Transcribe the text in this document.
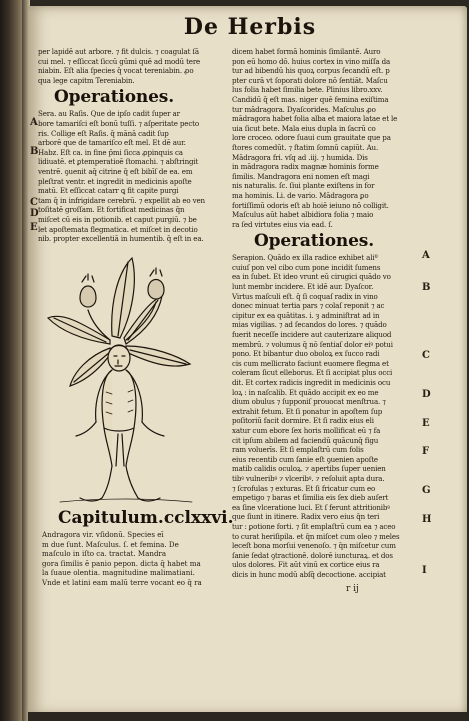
De Herbis

per lapidē aut arbore. ⁊ fit dulcis. ⁊ coagulat ſā

cui mel. ⁊ eſſiccat ſiccū gūmi quē ad modū tere

niabin. Eſt alia ſpecies q̄ vocat tereniabin. ꝓo

qua lege capitm Tereniabin.

Operationes.

Sera. au Raſis. Que de ipſo cadit ſuper ar

bore tamariſci eſt bonū tuſſi. ⁊ aſperitate pecto

ris. Collige eſt Raſis. q̄ mānā cadit ſup

arborē que de tamariſco eſt mel. Et dē aur.

Habz. Eſt ca. in fine p̄mi ſicca ꝓpinquis ca

lidiuatē. et ꝑtemperatioē ſtomachi. ⁊ abſtringit

ventrē. ꝯuenit aq̄ citrine q̄ eſt bibīſ de ea. em

pleſtrat ventr. et ingredit in medicinis apoſte

matū. Et eſſiccat catarr ꝗ fit capite purgi

tam q̄ in infrigidare cerebrū. ⁊ expellit ab eo ven

toſitatē groſſam. Et fortificat medicinas q̄n

miſcet cū eis in potionib. et caput purgiū. ⁊ be

let apoſtemata flegmatica. et miſcet in decotio

nib. propter excellentiā in humentib. q̄ eſt in ea.

Capitulum.cclxxvi.

Andragora vir. vſidonū. Species eī

m due ſunt. Maſculus. ſ. et femina. De

maſculo in iſto ca. tractat. Mandra

gora ſimilis ē panio pepon. dicta q̄ habet ma

la ſuaue olentia. magnitudine malimatiani.

Vnde et latini eam malū terre vocant eo q̄ ra

dicem habet formā hominis ſimilantē. Auro

pon eū homo dō. huius cortex in vino miſſa da

tur ad bibendū his quoꝝ corpus ſecandū eſt. p

pter curā vt ſoporati dolore nō ſentiāt. Maſcu

lus folia habet ſimilia bete. Plinius libro.xxv.

Candidū q̄ eſt mas. niger quē femina exiſtima

tur mādragora. Dyaſcorides. Maſculus ꝓo

mādragora habet folia alba et maiora latae et le

uia ſicut bete. Mala eius dupla in ſacrū co

lore croceo. odore ſuaui cum grauitate que pa

ſtores comedūt. ⁊ ſtatim ſomnū capiūt. Au.

Mādragora fri. vſq ad .iij. ⁊ humida. Dis

in mādragora radix magnæ hominis forme

ſimilis. Mandragora eni nomen eſt magi

nis naturalis. ſc. ſiui plante exiſtens in for

ma hominis. Li. de vario. Mādragora ꝑo

fortiſſimū odoris eſt ab hoiē ieiuno nō colligit.

Maſculus aūt habet albidiora folia ⁊ maio

ra ſed virtutes eius via ead. ſ.

Operationes.

Serapion. Quādo ex illa radice exhibet aliº

cuiuſ pon vel cibo cum pone incidit ſumens

ea in ſubet. Et ideo vrunt eū cirugici quādo vo

lunt membr incidere. Et idē aur. Dyaſcor.

Virtus maſculi eſt. q̄ ſi coquaſ radix in vino

donec minuat tertia pars ⁊ colaſ reponit ⁊ ac

cipitur ex ea quātitas. i. ȝ adminiſtrat ad in

mias vigilias. ⁊ ad ſecandos do lores. ⁊ quādo

fuerit neceſſe incidere aut cauterizare aliquod

membrū. ⁊ volumus q̄ nō ſentiaſ dolor eiꝰ potui

pono. Et bibantur duo oboloꝝ ex ſucco radi

cis cum mellicrato faciunt euomere flegma et

coleram ſicut elleborus. Et ſi accipiat plus occi

dit. Et cortex radicis ingredit in medicinis ocu

loꝝ : in naſcalib. Et quādo accipit ex eo me

dium obulus ⁊ ſupponiſ prouocat menſtrua. ⁊

extrahit fetum. Et ſi ponatur in apoſtem ſup

poſitoriū facit dormire. Et ſi radix eius eli

xatur cum ebore ſex horis mollificat eū ⁊ fa

cit ipſum abilem ad faciendū quācunq̄ figu

ram voluerīs. Et ſi emplaſtrū cum folis

eius recentib cum ſanie eſt ꝯuenien apoſte

matib calidis oculoꝝ. ⁊ apertibs ſuper uenien

tibꝰ vulneribꝰ ⁊ vlceribꝰ. ⁊ reſoluit apta dura.

⁊ ſcrofulas ⁊ exturas. Et ſi fricatur cum eo

empetigo ⁊ baras et ſimilia eis ſex dieb auſert

ea ſine vlceratione luci. Et ſ ferunt attritionibꝰ

que ſiunt in itinere. Radix vero eius q̄n teri

tur : ꝑotione forti. ⁊ ſit emplaſtrū cum ea ⁊ aceo

to curat heriſipila. et q̄n miſcet cum oleo ⁊ meles

leceſt bona morſui venenoſo. ⁊ q̄n miſcetur cum

ſanie ſedat ꝯtractionē. dolorē iuncturaꝝ. et dos

ulos dolores. Fit aūt vinū ex cortice eius ra

dicis in hunc modū abſq̄ decoctione. accipiat

A
B
C
D
E
A
B
C
D
E
F
G
H
I
r ij
